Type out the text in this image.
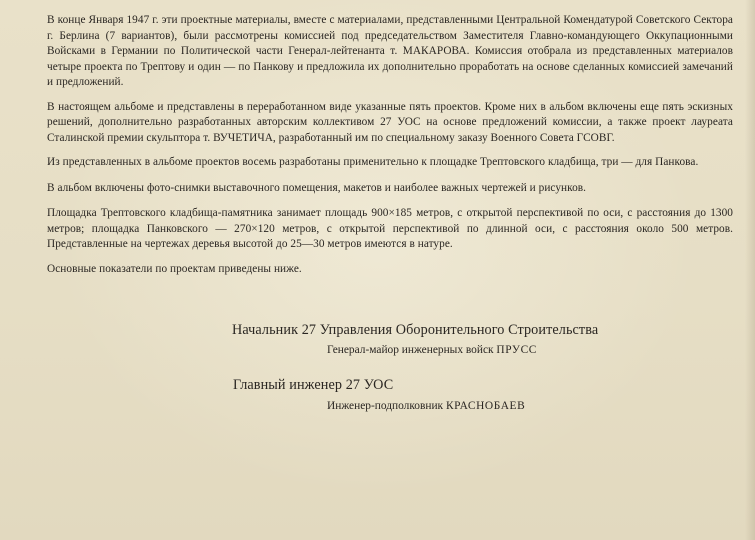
В конце Января 1947 г. эти проектные материалы, вместе с материалами, представленными Центральной Комендатурой Советского Сектора г. Берлина (7 вариантов), были рассмотрены комиссией под председательством Заместителя Главно-командующего Оккупационными Войсками в Германии по Политической части Генерал-лейтенанта т. МАКАРОВА. Комиссия отобрала из представленных материалов четыре проекта по Трептову и один — по Панкову и предложила их дополнительно проработать на основе сделанных комиссией замечаний и предложений.

В настоящем альбоме и представлены в переработанном виде указанные пять проектов. Кроме них в альбом включены еще пять эскизных решений, дополнительно разработанных авторским коллективом 27 УОС на основе предложений комиссии, а также проект лауреата Сталинской премии скульптора т. ВУЧЕТИЧА, разработанный им по специальному заказу Военного Совета ГСОВГ.

Из представленных в альбоме проектов восемь разработаны применительно к площадке Трептовского кладбища, три — для Панкова.

В альбом включены фото-снимки выставочного помещения, макетов и наиболее важных чертежей и рисунков.

Площадка Трептовского кладбища-памятника занимает площадь 900×185 метров, с открытой перспективой по оси, с расстояния до 1300 метров; площадка Панковского — 270×120 метров, с открытой перспективой по длинной оси, с расстояния около 500 метров. Представленные на чертежах деревья высотой до 25—30 метров имеются в натуре.

Основные показатели по проектам приведены ниже.

Начальник 27 Управления Оборонительного Строительства
Генерал-майор инженерных войск ПРУСС
Главный инженер 27 УОС
Инженер-подполковник КРАСНОБАЕВ
